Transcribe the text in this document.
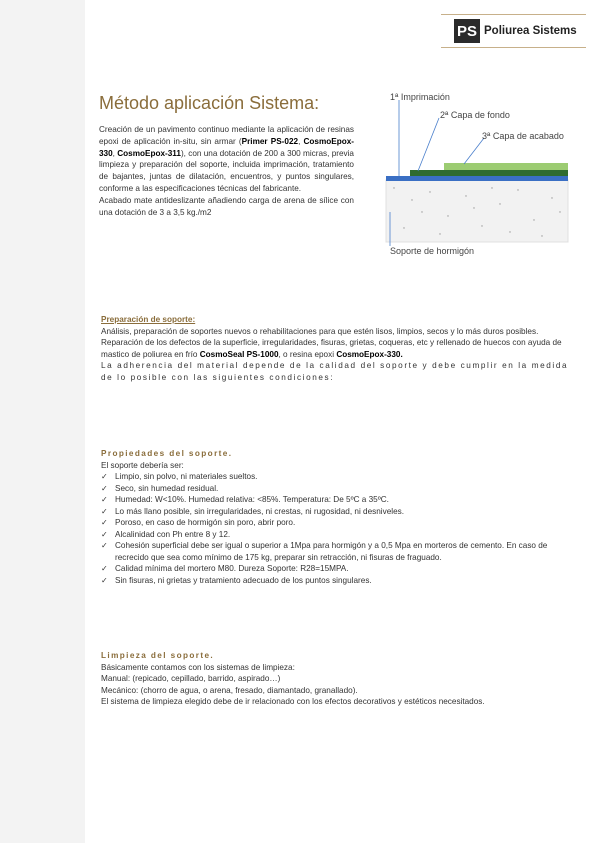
PS Poliurea Sistems
Método aplicación Sistema:
Creación de un pavimento continuo mediante la aplicación de resinas epoxi de aplicación in-situ, sin armar (Primer PS-022, CosmoEpox-330, CosmoEpox-311), con una dotación de 200 a 300 micras, previa limpieza y preparación del soporte, incluida imprimación, tratamiento de bajantes, juntas de dilatación, encuentros, y puntos singulares, conforme a las especificaciones técnicas del fabricante.
Acabado mate antideslizante añadiendo carga de arena de sílice con una dotación de 3 a 3,5 kg./m2
1ª Imprimación
2ª Capa de fondo
3ª Capa de acabado
Soporte de hormigón
Preparación de soporte:
Análisis, preparación de soportes nuevos o rehabilitaciones para que estén lisos, limpios, secos y lo más duros posibles.
Reparación de los defectos de la superficie, irregularidades, fisuras, grietas, coqueras, etc y rellenado de huecos con ayuda de mastico de poliurea en frío CosmoSeal PS-1000, o resina epoxi CosmoEpox-330.
La adherencia del material depende de la calidad del soporte y debe cumplir en la medida de lo posible con las siguientes condiciones:
Propiedades del soporte.
El soporte debería ser:
✓ Limpio, sin polvo, ni materiales sueltos.
✓ Seco, sin humedad residual.
✓ Humedad: W<10%. Humedad relativa: <85%. Temperatura: De 5ºC a 35ºC.
✓ Lo más llano posible, sin irregularidades, ni crestas, ni rugosidad, ni desniveles.
✓ Poroso, en caso de hormigón sin poro, abrir poro.
✓ Alcalinidad con Ph entre 8 y 12.
✓ Cohesión superficial debe ser igual o superior a 1Mpa para hormigón y a 0,5 Mpa en morteros de cemento. En caso de recrecido que sea como mínimo de 175 kg, preparar sin retracción, ni fisuras de fraguado.
✓ Calidad mínima del mortero M80. Dureza Soporte: R28=15MPA.
✓ Sin fisuras, ni grietas y tratamiento adecuado de los puntos singulares.
Limpieza del soporte.
Básicamente contamos con los sistemas de limpieza:
Manual: (repicado, cepillado, barrido, aspirado…)
Mecánico: (chorro de agua, o arena, fresado, diamantado, granallado).
El sistema de limpieza elegido debe de ir relacionado con los efectos decorativos y estéticos necesitados.
